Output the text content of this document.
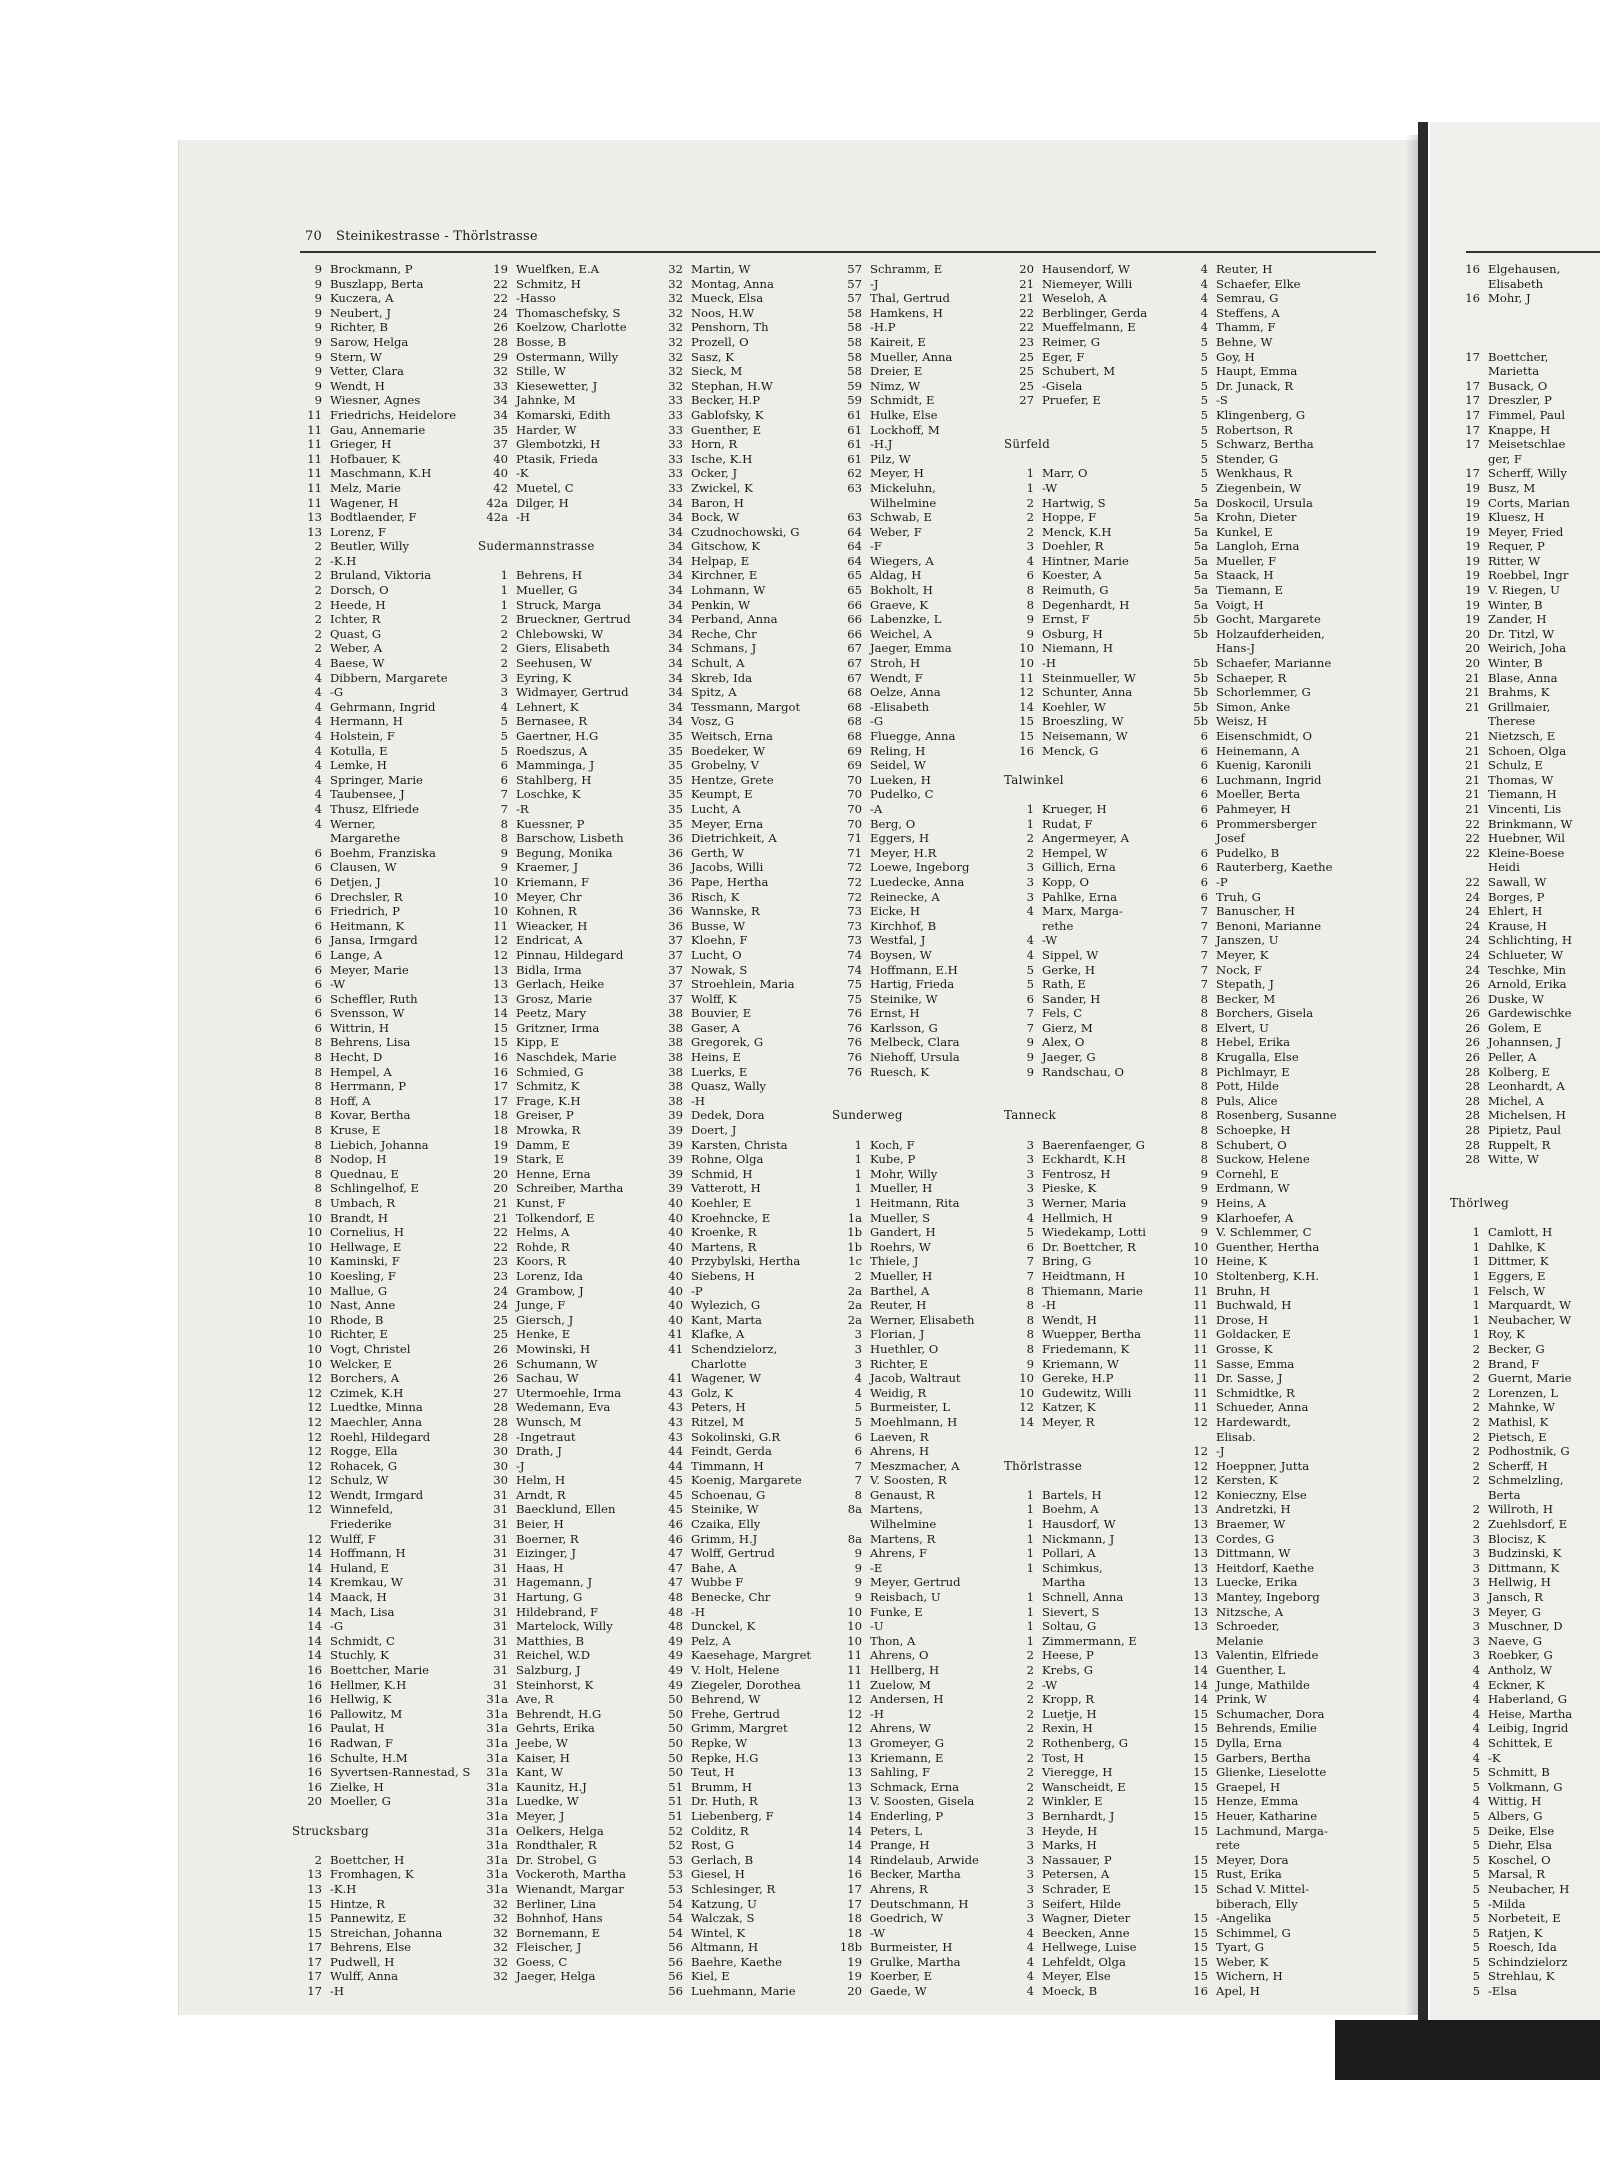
70 Steinikestrasse - Thörlstrasse
9 Brockmann, P
9 Buszlapp, Berta
9 Kuczera, A
9 Neubert, J
9 Richter, B
9 Sarow, Helga
9 Stern, W
9 Vetter, Clara
9 Wendt, H
9 Wiesner, Agnes
11 Friedrichs, Heidelore
11 Gau, Annemarie
11 Grieger, H
11 Hofbauer, K
11 Maschmann, K.H
11 Melz, Marie
11 Wagener, H
13 Bodtlaender, F
13 Lorenz, F
2 Beutler, Willy
2 -K.H
2 Bruland, Viktoria
2 Dorsch, O
2 Heede, H
2 Ichter, R
2 Quast, G
2 Weber, A
4 Baese, W
4 Dibbern, Margarete
4 -G
4 Gehrmann, Ingrid
4 Hermann, H
4 Holstein, F
4 Kotulla, E
4 Lemke, H
4 Springer, Marie
4 Taubensee, J
4 Thusz, Elfriede
4 Werner,
Margarethe
6 Boehm, Franziska
6 Clausen, W
6 Detjen, J
6 Drechsler, R
6 Friedrich, P
6 Heitmann, K
6 Jansa, Irmgard
6 Lange, A
6 Meyer, Marie
6 -W
6 Scheffler, Ruth
6 Svensson, W
6 Wittrin, H
8 Behrens, Lisa
8 Hecht, D
8 Hempel, A
8 Herrmann, P
8 Hoff, A
8 Kovar, Bertha
8 Kruse, E
8 Liebich, Johanna
8 Nodop, H
8 Quednau, E
8 Schlingelhof, E
8 Umbach, R
10 Brandt, H
10 Cornelius, H
10 Hellwage, E
10 Kaminski, F
10 Koesling, F
10 Mallue, G
10 Nast, Anne
10 Rhode, B
10 Richter, E
10 Vogt, Christel
10 Welcker, E
12 Borchers, A
12 Czimek, K.H
12 Luedtke, Minna
12 Maechler, Anna
12 Roehl, Hildegard
12 Rogge, Ella
12 Rohacek, G
12 Schulz, W
12 Wendt, Irmgard
12 Winnefeld,
Friederike
12 Wulff, F
14 Hoffmann, H
14 Huland, E
14 Kremkau, W
14 Maack, H
14 Mach, Lisa
14 -G
14 Schmidt, C
14 Stuchly, K
16 Boettcher, Marie
16 Hellmer, K.H
16 Hellwig, K
16 Pallowitz, M
16 Paulat, H
16 Radwan, F
16 Schulte, H.M
16 Syvertsen-Rannestad, S
16 Zielke, H
20 Moeller, G
Strucksbarg
2 Boettcher, H
13 Fromhagen, K
13 -K.H
15 Hintze, R
15 Pannewitz, E
15 Streichan, Johanna
17 Behrens, Else
17 Pudwell, H
17 Wulff, Anna
17 -H
19 Wuelfken, E.A
22 Schmitz, H
22 -Hasso
24 Thomaschefsky, S
26 Koelzow, Charlotte
28 Bosse, B
29 Ostermann, Willy
32 Stille, W
33 Kiesewetter, J
34 Jahnke, M
34 Komarski, Edith
35 Harder, W
37 Glembotzki, H
40 Ptasik, Frieda
40 -K
42 Muetel, C
42a Dilger, H
42a -H
Sudermannstrasse
1 Behrens, H
1 Mueller, G
1 Struck, Marga
2 Brueckner, Gertrud
2 Chlebowski, W
2 Giers, Elisabeth
2 Seehusen, W
3 Eyring, K
3 Widmayer, Gertrud
4 Lehnert, K
5 Bernasee, R
5 Gaertner, H.G
5 Roedszus, A
6 Mamminga, J
6 Stahlberg, H
7 Loschke, K
7 -R
8 Kuessner, P
8 Barschow, Lisbeth
9 Begung, Monika
9 Kraemer, J
10 Kriemann, F
10 Meyer, Chr
10 Kohnen, R
11 Wieacker, H
12 Endricat, A
12 Pinnau, Hildegard
13 Bidla, Irma
13 Gerlach, Heike
13 Grosz, Marie
14 Peetz, Mary
15 Gritzner, Irma
15 Kipp, E
16 Naschdek, Marie
16 Schmied, G
17 Schmitz, K
17 Frage, K.H
18 Greiser, P
18 Mrowka, R
19 Damm, E
19 Stark, E
20 Henne, Erna
20 Schreiber, Martha
21 Kunst, F
21 Tolkendorf, E
22 Helms, A
22 Rohde, R
23 Koors, R
23 Lorenz, Ida
24 Grambow, J
24 Junge, F
25 Giersch, J
25 Henke, E
26 Mowinski, H
26 Schumann, W
26 Sachau, W
27 Utermoehle, Irma
28 Wedemann, Eva
28 Wunsch, M
28 -Ingetraut
30 Drath, J
30 -J
30 Helm, H
31 Arndt, R
31 Baecklund, Ellen
31 Beier, H
31 Boerner, R
31 Eizinger, J
31 Haas, H
31 Hagemann, J
31 Hartung, G
31 Hildebrand, F
31 Martelock, Willy
31 Matthies, B
31 Reichel, W.D
31 Salzburg, J
31 Steinhorst, K
31a Ave, R
31a Behrendt, H.G
31a Gehrts, Erika
31a Jeebe, W
31a Kaiser, H
31a Kant, W
31a Kaunitz, H.J
31a Luedke, W
31a Meyer, J
31a Oelkers, Helga
31a Rondthaler, R
31a Dr. Strobel, G
31a Vockeroth, Martha
31a Wienandt, Margar
32 Berliner, Lina
32 Bohnhof, Hans
32 Bornemann, E
32 Fleischer, J
32 Goess, C
32 Jaeger, Helga
32 Martin, W
32 Montag, Anna
32 Mueck, Elsa
32 Noos, H.W
32 Penshorn, Th
32 Prozell, O
32 Sasz, K
32 Sieck, M
32 Stephan, H.W
33 Becker, H.P
33 Gablofsky, K
33 Guenther, E
33 Horn, R
33 Ische, K.H
33 Ocker, J
33 Zwickel, K
34 Baron, H
34 Bock, W
34 Czudnochowski, G
34 Gitschow, K
34 Helpap, E
34 Kirchner, E
34 Lohmann, W
34 Penkin, W
34 Perband, Anna
34 Reche, Chr
34 Schmans, J
34 Schult, A
34 Skreb, Ida
34 Spitz, A
34 Tessmann, Margot
34 Vosz, G
35 Weitsch, Erna
35 Boedeker, W
35 Grobelny, V
35 Hentze, Grete
35 Keumpt, E
35 Lucht, A
35 Meyer, Erna
36 Dietrichkeit, A
36 Gerth, W
36 Jacobs, Willi
36 Pape, Hertha
36 Risch, K
36 Wannske, R
36 Busse, W
37 Kloehn, F
37 Lucht, O
37 Nowak, S
37 Stroehlein, Maria
37 Wolff, K
38 Bouvier, E
38 Gaser, A
38 Gregorek, G
38 Heins, E
38 Luerks, E
38 Quasz, Wally
38 -H
39 Dedek, Dora
39 Doert, J
39 Karsten, Christa
39 Rohne, Olga
39 Schmid, H
39 Vatterott, H
40 Koehler, E
40 Kroehncke, E
40 Kroenke, R
40 Martens, R
40 Przybylski, Hertha
40 Siebens, H
40 -P
40 Wylezich, G
40 Kant, Marta
41 Klafke, A
41 Schendzielorz,
Charlotte
41 Wagener, W
43 Golz, K
43 Peters, H
43 Ritzel, M
43 Sokolinski, G.R
44 Feindt, Gerda
44 Timmann, H
45 Koenig, Margarete
45 Schoenau, G
45 Steinike, W
46 Czaika, Elly
46 Grimm, H.J
47 Wolff, Gertrud
47 Bahe, A
47 Wubbe F
48 Benecke, Chr
48 -H
48 Dunckel, K
49 Pelz, A
49 Kaesehage, Margret
49 V. Holt, Helene
49 Ziegeler, Dorothea
50 Behrend, W
50 Frehe, Gertrud
50 Grimm, Margret
50 Repke, W
50 Repke, H.G
50 Teut, H
51 Brumm, H
51 Dr. Huth, R
51 Liebenberg, F
52 Colditz, R
52 Rost, G
53 Gerlach, B
53 Giesel, H
53 Schlesinger, R
54 Katzung, U
54 Walczak, S
54 Wintel, K
56 Altmann, H
56 Baehre, Kaethe
56 Kiel, E
56 Luehmann, Marie
57 Schramm, E
57 -J
57 Thal, Gertrud
58 Hamkens, H
58 -H.P
58 Kaireit, E
58 Mueller, Anna
58 Dreier, E
59 Nimz, W
59 Schmidt, E
61 Hulke, Else
61 Lockhoff, M
61 -H.J
61 Pilz, W
62 Meyer, H
63 Mickeluhn,
Wilhelmine
63 Schwab, E
64 Weber, F
64 -F
64 Wiegers, A
65 Aldag, H
65 Bokholt, H
66 Graeve, K
66 Labenzke, L
66 Weichel, A
67 Jaeger, Emma
67 Stroh, H
67 Wendt, F
68 Oelze, Anna
68 -Elisabeth
68 -G
68 Fluegge, Anna
69 Reling, H
69 Seidel, W
70 Lueken, H
70 Pudelko, C
70 -A
70 Berg, O
71 Eggers, H
71 Meyer, H.R
72 Loewe, Ingeborg
72 Luedecke, Anna
72 Reinecke, A
73 Eicke, H
73 Kirchhof, B
73 Westfal, J
74 Boysen, W
74 Hoffmann, E.H
75 Hartig, Frieda
75 Steinike, W
76 Ernst, H
76 Karlsson, G
76 Melbeck, Clara
76 Niehoff, Ursula
76 Ruesch, K
Sunderweg
1 Koch, F
1 Kube, P
1 Mohr, Willy
1 Mueller, H
1 Heitmann, Rita
1a Mueller, S
1b Gandert, H
1b Roehrs, W
1c Thiele, J
2 Mueller, H
2a Barthel, A
2a Reuter, H
2a Werner, Elisabeth
3 Florian, J
3 Huethler, O
3 Richter, E
4 Jacob, Waltraut
4 Weidig, R
5 Burmeister, L
5 Moehlmann, H
6 Laeven, R
6 Ahrens, H
7 Meszmacher, A
7 V. Soosten, R
8 Genaust, R
8a Martens,
Wilhelmine
8a Martens, R
9 Ahrens, F
9 -E
9 Meyer, Gertrud
9 Reisbach, U
10 Funke, E
10 -U
10 Thon, A
11 Ahrens, O
11 Hellberg, H
11 Zuelow, M
12 Andersen, H
12 -H
12 Ahrens, W
13 Gromeyer, G
13 Kriemann, E
13 Sahling, F
13 Schmack, Erna
13 V. Soosten, Gisela
14 Enderling, P
14 Peters, L
14 Prange, H
14 Rindelaub, Arwide
16 Becker, Martha
17 Ahrens, R
17 Deutschmann, H
18 Goedrich, W
18 -W
18b Burmeister, H
19 Grulke, Martha
19 Koerber, E
20 Gaede, W
20 Hausendorf, W
21 Niemeyer, Willi
21 Weseloh, A
22 Berblinger, Gerda
22 Mueffelmann, E
23 Reimer, G
25 Eger, F
25 Schubert, M
25 -Gisela
27 Pruefer, E
Sürfeld
1 Marr, O
1 -W
2 Hartwig, S
2 Hoppe, F
2 Menck, K.H
3 Doehler, R
4 Hintner, Marie
6 Koester, A
8 Reimuth, G
8 Degenhardt, H
9 Ernst, F
9 Osburg, H
10 Niemann, H
10 -H
11 Steinmueller, W
12 Schunter, Anna
14 Koehler, W
15 Broeszling, W
15 Neisemann, W
16 Menck, G
Talwinkel
1 Krueger, H
1 Rudat, F
2 Angermeyer, A
2 Hempel, W
3 Gillich, Erna
3 Kopp, O
3 Pahlke, Erna
4 Marx, Marga-
rethe
4 -W
4 Sippel, W
5 Gerke, H
5 Rath, E
6 Sander, H
7 Fels, C
7 Gierz, M
9 Alex, O
9 Jaeger, G
9 Randschau, O
Tanneck
3 Baerenfaenger, G
3 Eckhardt, K.H
3 Fentrosz, H
3 Pieske, K
3 Werner, Maria
4 Hellmich, H
5 Wiedekamp, Lotti
6 Dr. Boettcher, R
7 Bring, G
7 Heidtmann, H
8 Thiemann, Marie
8 -H
8 Wendt, H
8 Wuepper, Bertha
8 Friedemann, K
9 Kriemann, W
10 Gereke, H.P
10 Gudewitz, Willi
12 Katzer, K
14 Meyer, R
Thörlstrasse
1 Bartels, H
1 Boehm, A
1 Hausdorf, W
1 Nickmann, J
1 Pollari, A
1 Schimkus,
Martha
1 Schnell, Anna
1 Sievert, S
1 Soltau, G
1 Zimmermann, E
2 Heese, P
2 Krebs, G
2 -W
2 Kropp, R
2 Luetje, H
2 Rexin, H
2 Rothenberg, G
2 Tost, H
2 Vieregge, H
2 Wanscheidt, E
2 Winkler, E
3 Bernhardt, J
3 Heyde, H
3 Marks, H
3 Nassauer, P
3 Petersen, A
3 Schrader, E
3 Seifert, Hilde
3 Wagner, Dieter
4 Beecken, Anne
4 Hellwege, Luise
4 Lehfeldt, Olga
4 Meyer, Else
4 Moeck, B
4 Reuter, H
4 Schaefer, Elke
4 Semrau, G
4 Steffens, A
4 Thamm, F
5 Behne, W
5 Goy, H
5 Haupt, Emma
5 Dr. Junack, R
5 -S
5 Klingenberg, G
5 Robertson, R
5 Schwarz, Bertha
5 Stender, G
5 Wenkhaus, R
5 Ziegenbein, W
5a Doskocil, Ursula
5a Krohn, Dieter
5a Kunkel, E
5a Langloh, Erna
5a Mueller, F
5a Staack, H
5a Tiemann, E
5a Voigt, H
5b Gocht, Margarete
5b Holzaufderheiden,
Hans-J
5b Schaefer, Marianne
5b Schaeper, R
5b Schorlemmer, G
5b Simon, Anke
5b Weisz, H
6 Eisenschmidt, O
6 Heinemann, A
6 Kuenig, Karonili
6 Luchmann, Ingrid
6 Moeller, Berta
6 Pahmeyer, H
6 Prommersberger
Josef
6 Pudelko, B
6 Rauterberg, Kaethe
6 -P
6 Truh, G
7 Banuscher, H
7 Benoni, Marianne
7 Janszen, U
7 Meyer, K
7 Nock, F
7 Stepath, J
8 Becker, M
8 Borchers, Gisela
8 Elvert, U
8 Hebel, Erika
8 Krugalla, Else
8 Pichlmayr, E
8 Pott, Hilde
8 Puls, Alice
8 Rosenberg, Susanne
8 Schoepke, H
8 Schubert, O
8 Suckow, Helene
9 Cornehl, E
9 Erdmann, W
9 Heins, A
9 Klarhoefer, A
9 V. Schlemmer, C
10 Guenther, Hertha
10 Heine, K
10 Stoltenberg, K.H.
11 Bruhn, H
11 Buchwald, H
11 Drose, H
11 Goldacker, E
11 Grosse, K
11 Sasse, Emma
11 Dr. Sasse, J
11 Schmidtke, R
11 Schueder, Anna
12 Hardewardt,
Elisab.
12 -J
12 Hoeppner, Jutta
12 Kersten, K
12 Konieczny, Else
13 Andretzki, H
13 Braemer, W
13 Cordes, G
13 Dittmann, W
13 Heitdorf, Kaethe
13 Luecke, Erika
13 Mantey, Ingeborg
13 Nitzsche, A
13 Schroeder,
Melanie
13 Valentin, Elfriede
14 Guenther, L
14 Junge, Mathilde
14 Prink, W
15 Schumacher, Dora
15 Behrends, Emilie
15 Dylla, Erna
15 Garbers, Bertha
15 Glienke, Lieselotte
15 Graepel, H
15 Henze, Emma
15 Heuer, Katharine
15 Lachmund, Marga-
rete
15 Meyer, Dora
15 Rust, Erika
15 Schad V. Mittel-
biberach, Elly
15 -Angelika
15 Schimmel, G
15 Tyart, G
15 Weber, K
15 Wichern, H
16 Apel, H
16 Elgehausen,
Elisabeth
16 Mohr, J
17 Boettcher,
Marietta
17 Busack, O
17 Dreszler, P
17 Fimmel, Paul
17 Knappe, H
17 Meisetschlae
ger, F
17 Scherff, Willy
19 Busz, M
19 Corts, Marian
19 Kluesz, H
19 Meyer, Fried
19 Requer, P
19 Ritter, W
19 Roebbel, Ingr
19 V. Riegen, U
19 Winter, B
19 Zander, H
20 Dr. Titzl, W
20 Weirich, Joha
20 Winter, B
21 Blase, Anna
21 Brahms, K
21 Grillmaier,
Therese
21 Nietzsch, E
21 Schoen, Olga
21 Schulz, E
21 Thomas, W
21 Tiemann, H
21 Vincenti, Lis
22 Brinkmann, W
22 Huebner, Wil
22 Kleine-Boese
Heidi
22 Sawall, W
24 Borges, P
24 Ehlert, H
24 Krause, H
24 Schlichting, H
24 Schlueter, W
24 Teschke, Min
26 Arnold, Erika
26 Duske, W
26 Gardewischke
26 Golem, E
26 Johannsen, J
26 Peller, A
28 Kolberg, E
28 Leonhardt, A
28 Michel, A
28 Michelsen, H
28 Pipietz, Paul
28 Ruppelt, R
28 Witte, W
Thörlweg
1 Camlott, H
1 Dahlke, K
1 Dittmer, K
1 Eggers, E
1 Felsch, W
1 Marquardt, W
1 Neubacher, W
1 Roy, K
2 Becker, G
2 Brand, F
2 Guernt, Marie
2 Lorenzen, L
2 Mahnke, W
2 Mathisl, K
2 Pietsch, E
2 Podhostnik, G
2 Scherff, H
2 Schmelzling,
Berta
2 Willroth, H
2 Zuehlsdorf, E
3 Blocisz, K
3 Budzinski, K
3 Dittmann, K
3 Hellwig, H
3 Jansch, R
3 Meyer, G
3 Muschner, D
3 Naeve, G
3 Roebker, G
4 Antholz, W
4 Eckner, K
4 Haberland, G
4 Heise, Martha
4 Leibig, Ingrid
4 Schittek, E
4 -K
5 Schmitt, B
5 Volkmann, G
4 Wittig, H
5 Albers, G
5 Deike, Else
5 Diehr, Elsa
5 Koschel, O
5 Marsal, R
5 Neubacher, H
5 -Milda
5 Norbeteit, E
5 Ratjen, K
5 Roesch, Ida
5 Schindzielorz
5 Strehlau, K
5 -Elsa
